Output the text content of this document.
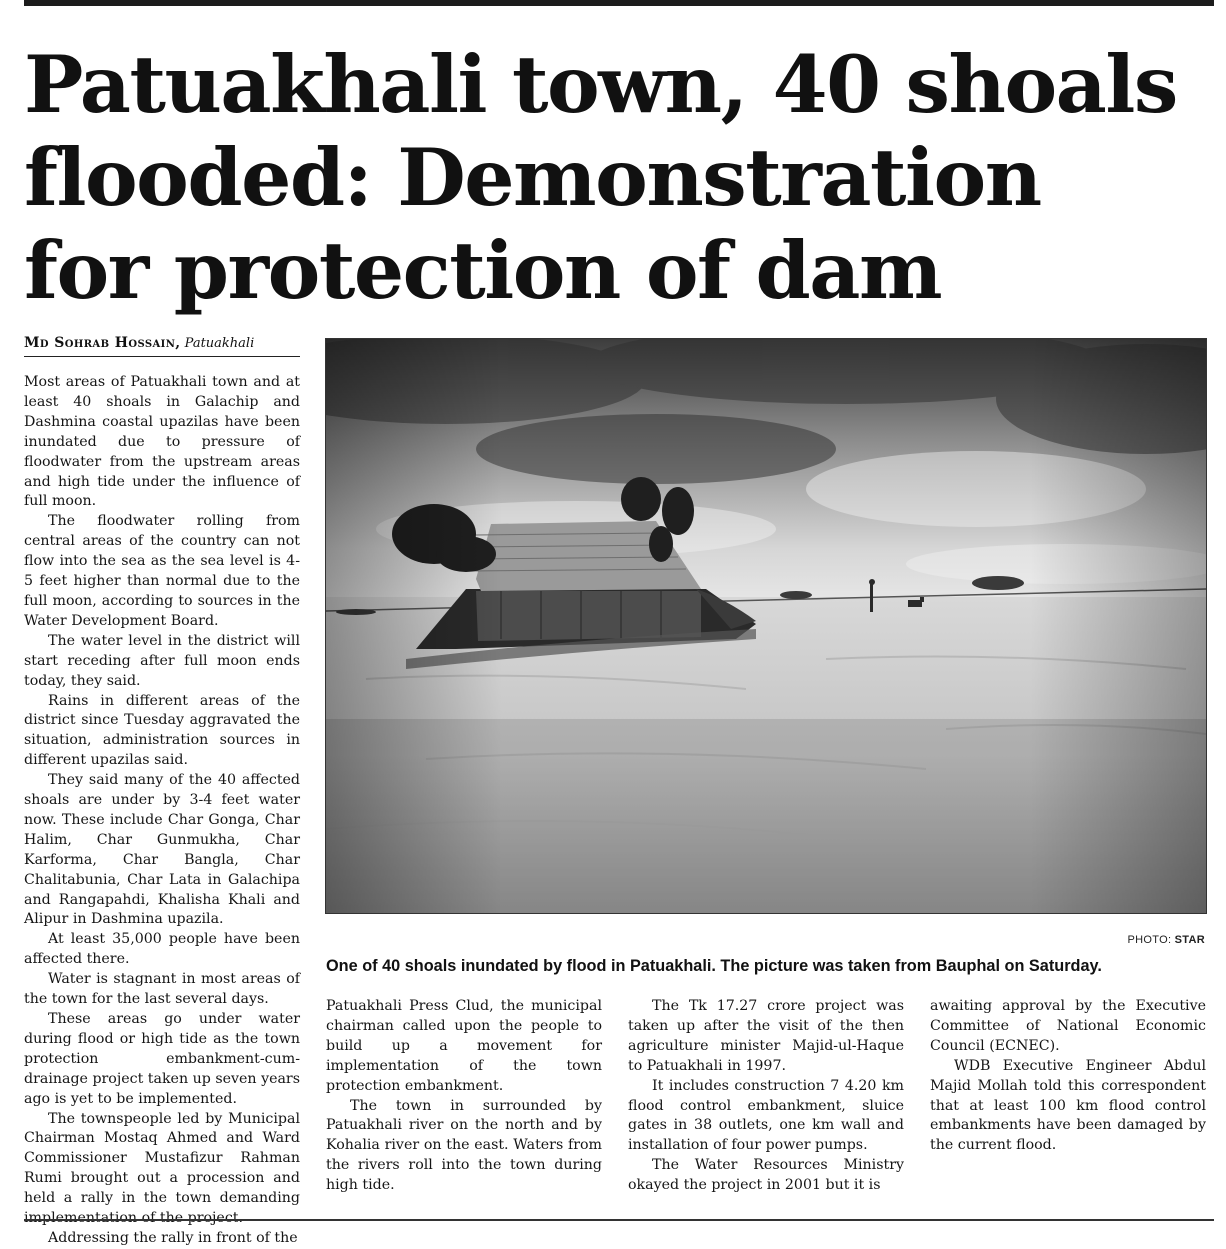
Patuakhali town, 40 shoals
flooded: Demonstration
for protection of dam
Md Sohrab Hossain, Patuakhali

Most areas of Patuakhali town and at least 40 shoals in Galachip and Dashmina coastal upazilas have been inundated due to pressure of floodwater from the upstream areas and high tide under the influence of full moon.

The floodwater rolling from central areas of the country can not flow into the sea as the sea level is 4-5 feet higher than normal due to the full moon, according to sources in the Water Development Board.

The water level in the district will start receding after full moon ends today, they said.

Rains in different areas of the district since Tuesday aggravated the situation, administration sources in different upazilas said.

They said many of the 40 affected shoals are under by 3-4 feet water now. These include Char Gonga, Char Halim, Char Gunmukha, Char Karforma, Char Bangla, Char Chalitabunia, Char Lata in Galachipa and Rangapahdi, Khalisha Khali and Alipur in Dashmina upazila.

At least 35,000 people have been affected there.

Water is stagnant in most areas of the town for the last several days.

These areas go under water during flood or high tide as the town protection embankment-cum-drainage project taken up seven years ago is yet to be implemented.

The townspeople led by Municipal Chairman Mostaq Ahmed and Ward Commissioner Mustafizur Rahman Rumi brought out a procession and held a rally in the town demanding

Addressing the rally in front of the

PHOTO: STAR
One of 40 shoals inundated by flood in Patuakhali. The picture was taken from Bauphal on Saturday.

Patuakhali Press Clud, the municipal chairman called upon the people to build up a movement for implementation of the town protection embankment.

The town in surrounded by Patuakhali river on the north and by Kohalia river on the east. Waters from the rivers roll into the town during high tide.

The Tk 17.27 crore project was taken up after the visit of the then agriculture minister Majid-ul-Haque to Patuakhali in 1997.

It includes construction 7 4.20 km flood control embankment, sluice gates in 38 outlets, one km wall and installation of four power pumps.

The Water Resources Ministry okayed the project in 2001 but it is

awaiting approval by the Executive Committee of National Economic Council (ECNEC).

WDB Executive Engineer Abdul Majid Mollah told this correspondent that at least 100 km flood control embankments have been damaged by the current flood.
